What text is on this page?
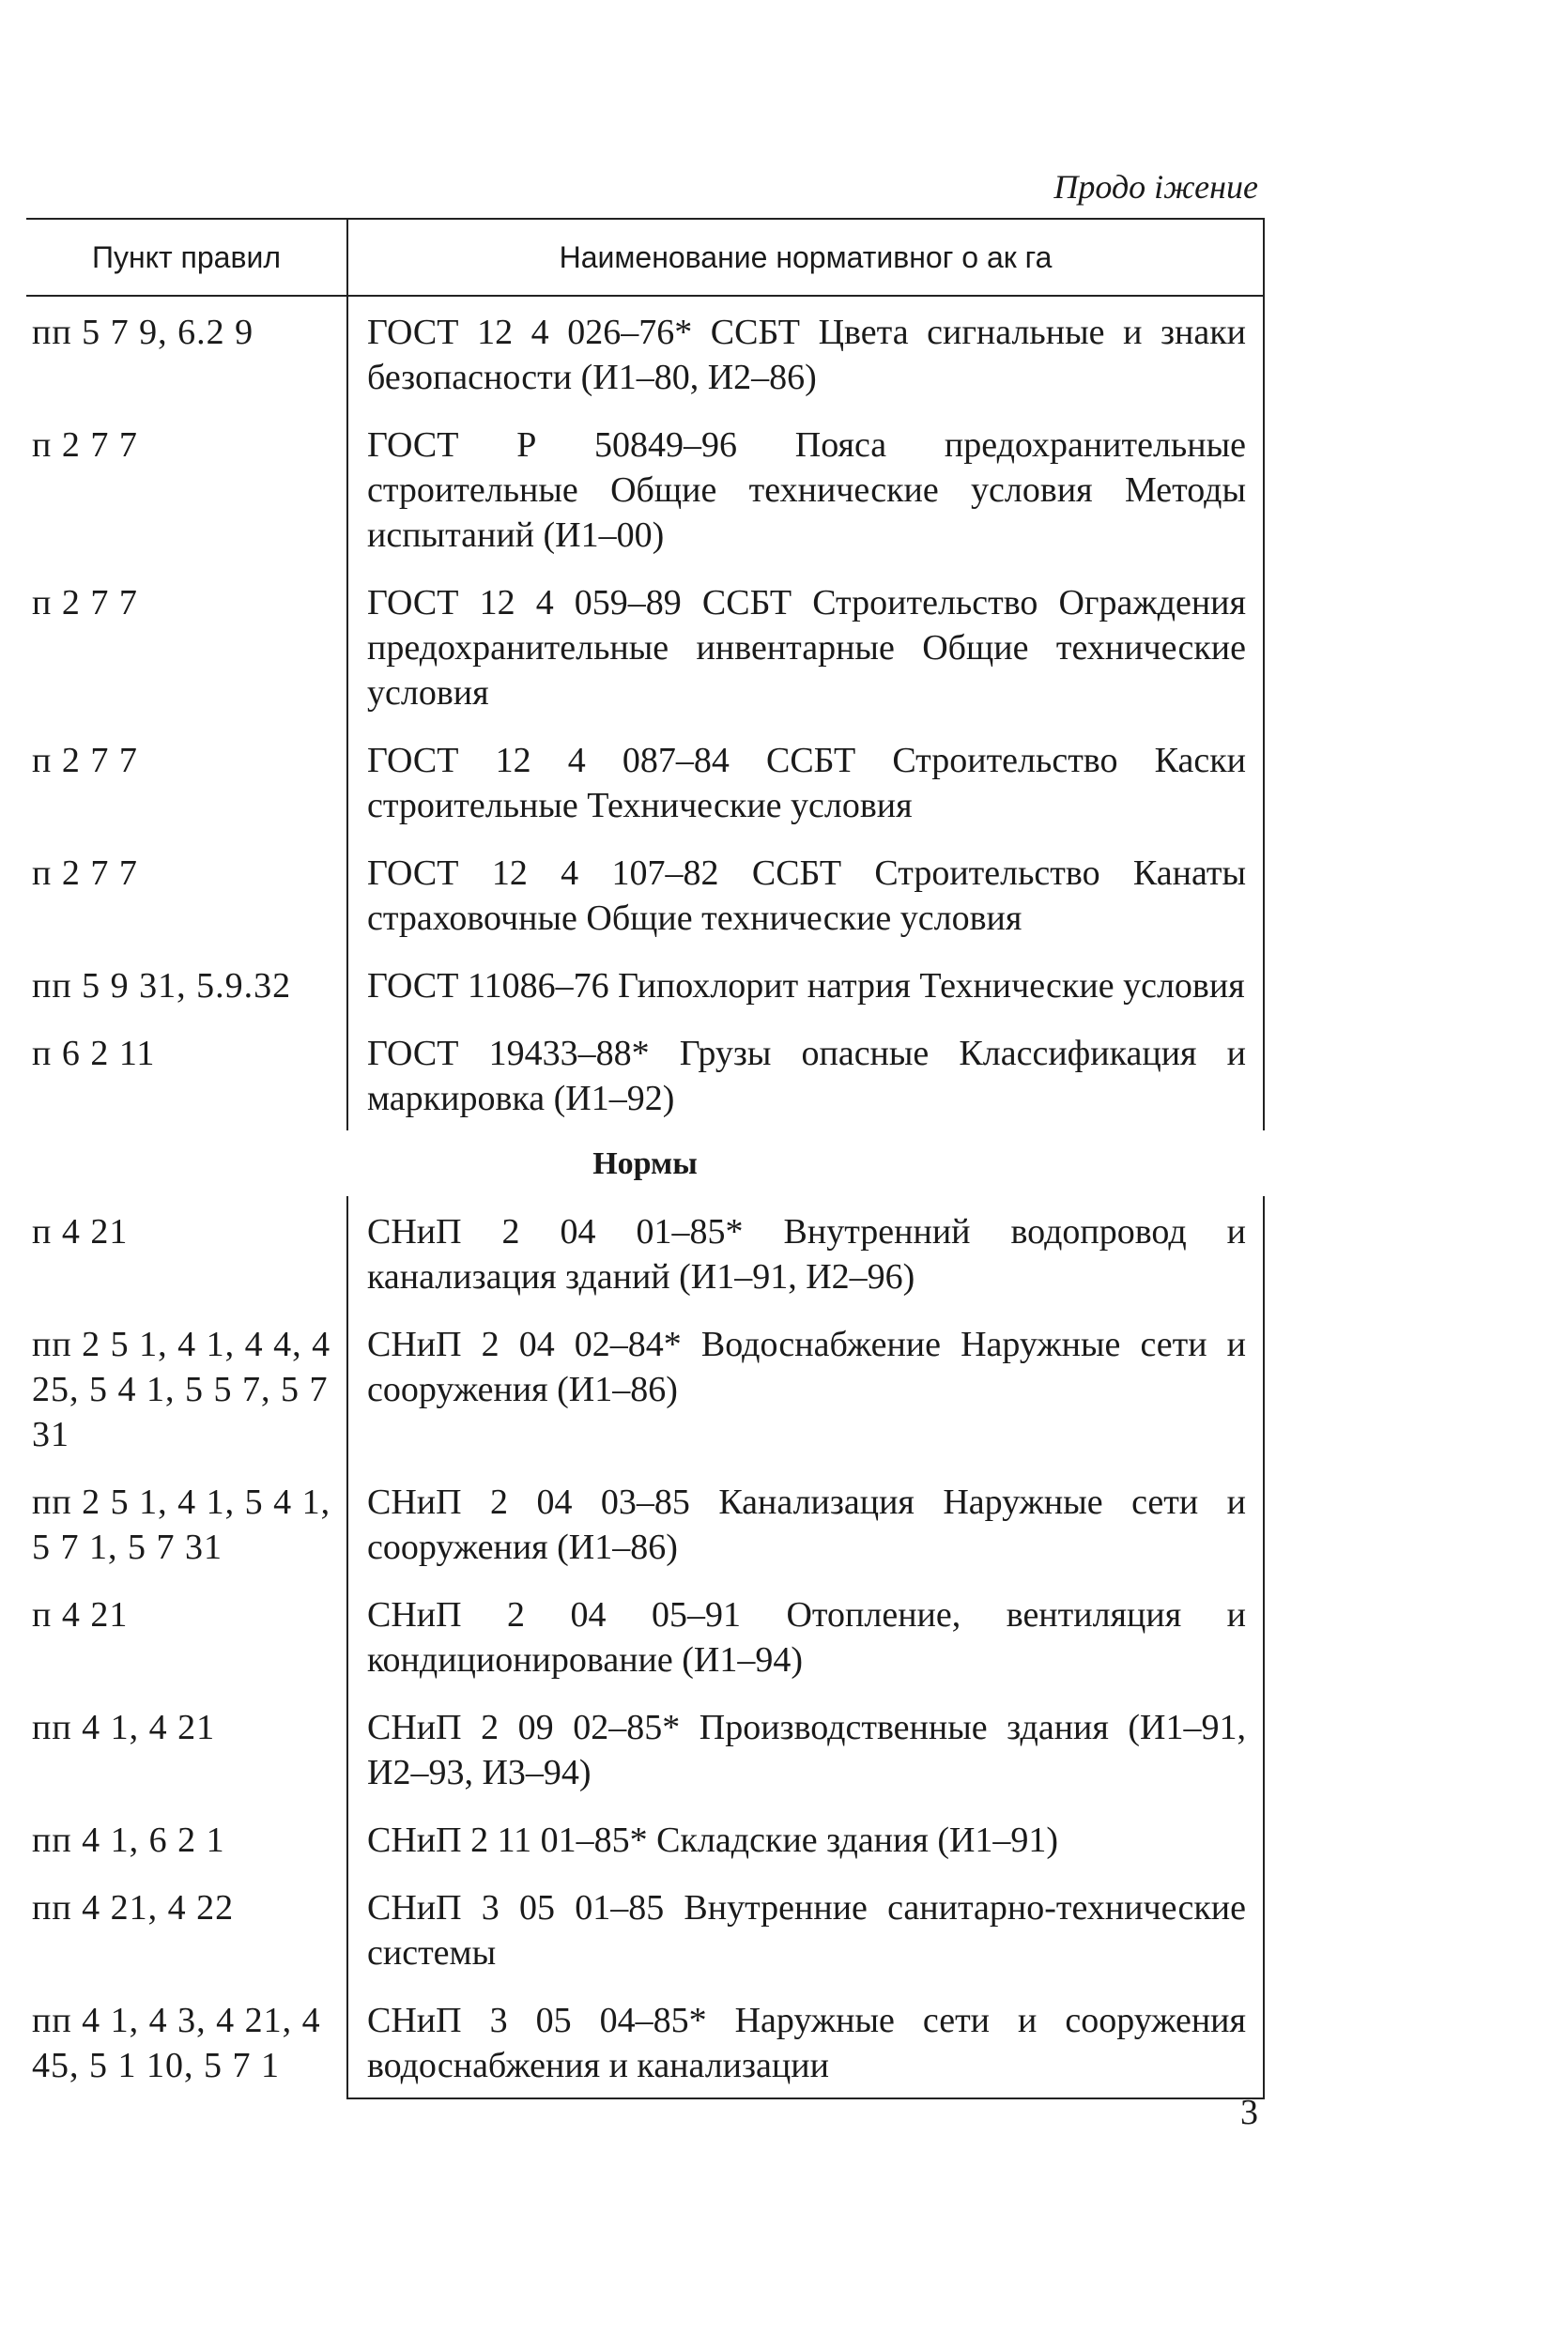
Продо іжение
Пункт правил	Наименование нормативног о ак га
пп 5 7 9, 6.2 9	ГОСТ 12 4 026–76* ССБТ Цвета сигнальные и знаки безопасности (И1–80, И2–86)
п 2 7 7	ГОСТ Р 50849–96 Пояса предохранительные строительные Общие технические условия Методы испытаний (И1–00)
п 2 7 7	ГОСТ 12 4 059–89 ССБТ Строительство Ограждения предохранительные инвентарные Общие технические условия
п 2 7 7	ГОСТ 12 4 087–84 ССБТ Строительство Каски строительные Технические условия
п 2 7 7	ГОСТ 12 4 107–82 ССБТ Строительство Канаты страховочные Общие технические условия
пп 5 9 31, 5.9.32	ГОСТ 11086–76 Гипохлорит натрия Технические условия
п 6 2 11	ГОСТ 19433–88* Грузы опасные Классификация и маркировка (И1–92)
Нормы	
п 4 21	СНиП 2 04 01–85* Внутренний водопровод и канализация зданий (И1–91, И2–96)
пп 2 5 1, 4 1, 4 4, 4 25, 5 4 1, 5 5 7, 5 7 31	СНиП 2 04 02–84* Водоснабжение Наружные сети и сооружения (И1–86)
пп 2 5 1, 4 1, 5 4 1, 5 7 1, 5 7 31	СНиП 2 04 03–85 Канализация Наружные сети и сооружения (И1–86)
п 4 21	СНиП 2 04 05–91 Отопление, вентиляция и кондиционирование (И1–94)
пп 4 1, 4 21	СНиП 2 09 02–85* Производственные здания (И1–91, И2–93, И3–94)
пп 4 1, 6 2 1	СНиП 2 11 01–85* Складские здания (И1–91)
пп 4 21, 4 22	СНиП 3 05 01–85 Внутренние санитарно-технические системы
пп 4 1, 4 3, 4 21, 4 45, 5 1 10, 5 7 1	СНиП 3 05 04–85* Наружные сети и сооружения водоснабжения и канализации
3
